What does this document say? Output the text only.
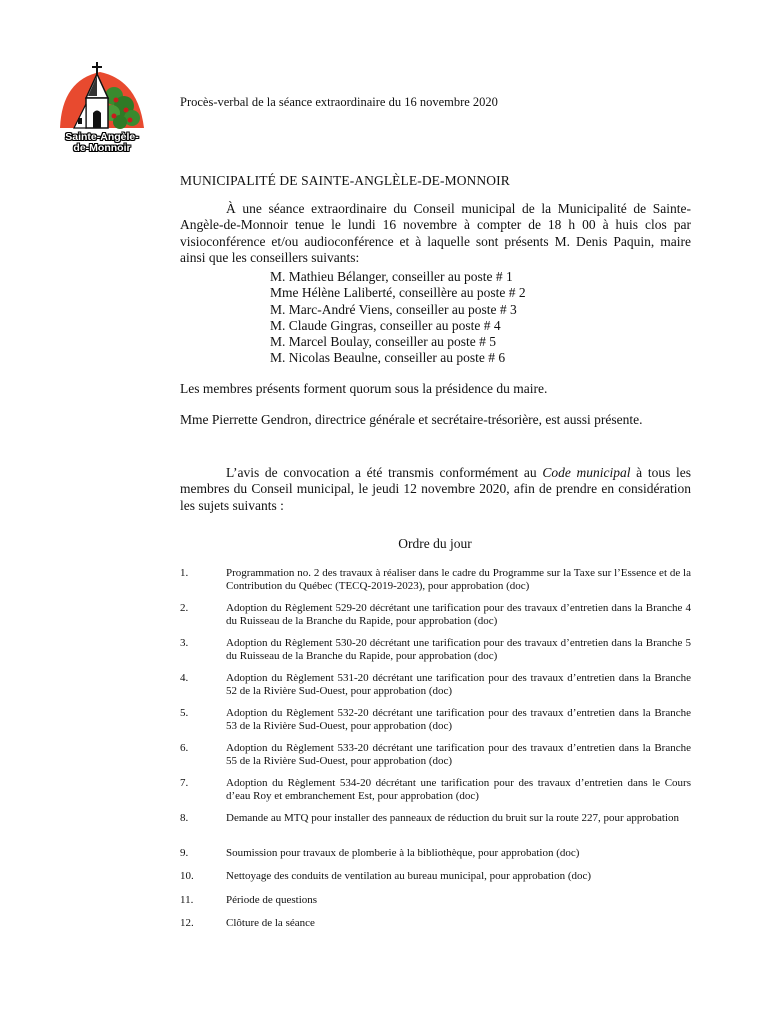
Sainte-Angèle-
de-Monnoir
Procès-verbal de la séance extraordinaire du 16 novembre 2020
MUNICIPALITÉ DE SAINTE-ANGLÈLE-DE-MONNOIR
À une séance extraordinaire du Conseil municipal de la Municipalité de Sainte-Angèle-de-Monnoir tenue le lundi 16 novembre à compter de 18 h 00 à huis clos par visioconférence et/ou audioconférence et à laquelle sont présents M. Denis Paquin, maire ainsi que les conseillers suivants:
M. Mathieu Bélanger, conseiller au poste # 1
Mme Hélène Laliberté, conseillère au poste # 2
M. Marc-André Viens, conseiller au poste # 3
M. Claude Gingras, conseiller au poste # 4
M. Marcel Boulay, conseiller au poste # 5
M. Nicolas Beaulne, conseiller au poste # 6
Les membres présents forment quorum sous la présidence du maire.
Mme Pierrette Gendron, directrice générale et secrétaire-trésorière, est aussi présente.
L’avis de convocation a été transmis conformément au Code municipal à tous les membres du Conseil municipal, le jeudi 12 novembre 2020, afin de prendre en considération les sujets suivants :
Ordre du jour
1.	Programmation no. 2 des travaux à réaliser dans le cadre du Programme sur la Taxe sur l’Essence et de la Contribution du Québec (TECQ-2019-2023), pour approbation (doc)
2.	Adoption du Règlement 529-20 décrétant une tarification pour des travaux d’entretien dans la Branche 4 du Ruisseau de la Branche du Rapide, pour approbation (doc)
3.	Adoption du Règlement 530-20 décrétant une tarification pour des travaux d’entretien dans la Branche 5 du Ruisseau de la Branche du Rapide, pour approbation (doc)
4.	Adoption du Règlement 531-20 décrétant une tarification pour des travaux d’entretien dans la Branche 52 de la Rivière Sud-Ouest, pour approbation (doc)
5.	Adoption du Règlement 532-20 décrétant une tarification pour des travaux d’entretien dans la Branche 53 de la Rivière Sud-Ouest, pour approbation (doc)
6.	Adoption du Règlement 533-20 décrétant une tarification pour des travaux d’entretien dans la Branche 55 de la Rivière Sud-Ouest, pour approbation (doc)
7.	Adoption du Règlement 534-20 décrétant une tarification pour des travaux d’entretien dans le Cours d’eau Roy et embranchement Est, pour approbation (doc)
8.	Demande au MTQ pour installer des panneaux de réduction du bruit sur la route 227, pour approbation
9.	Soumission pour travaux de plomberie à la bibliothèque, pour approbation (doc)
10.	Nettoyage des conduits de ventilation au bureau municipal, pour approbation (doc)
11.	Période de questions
12.	Clôture de la séance
